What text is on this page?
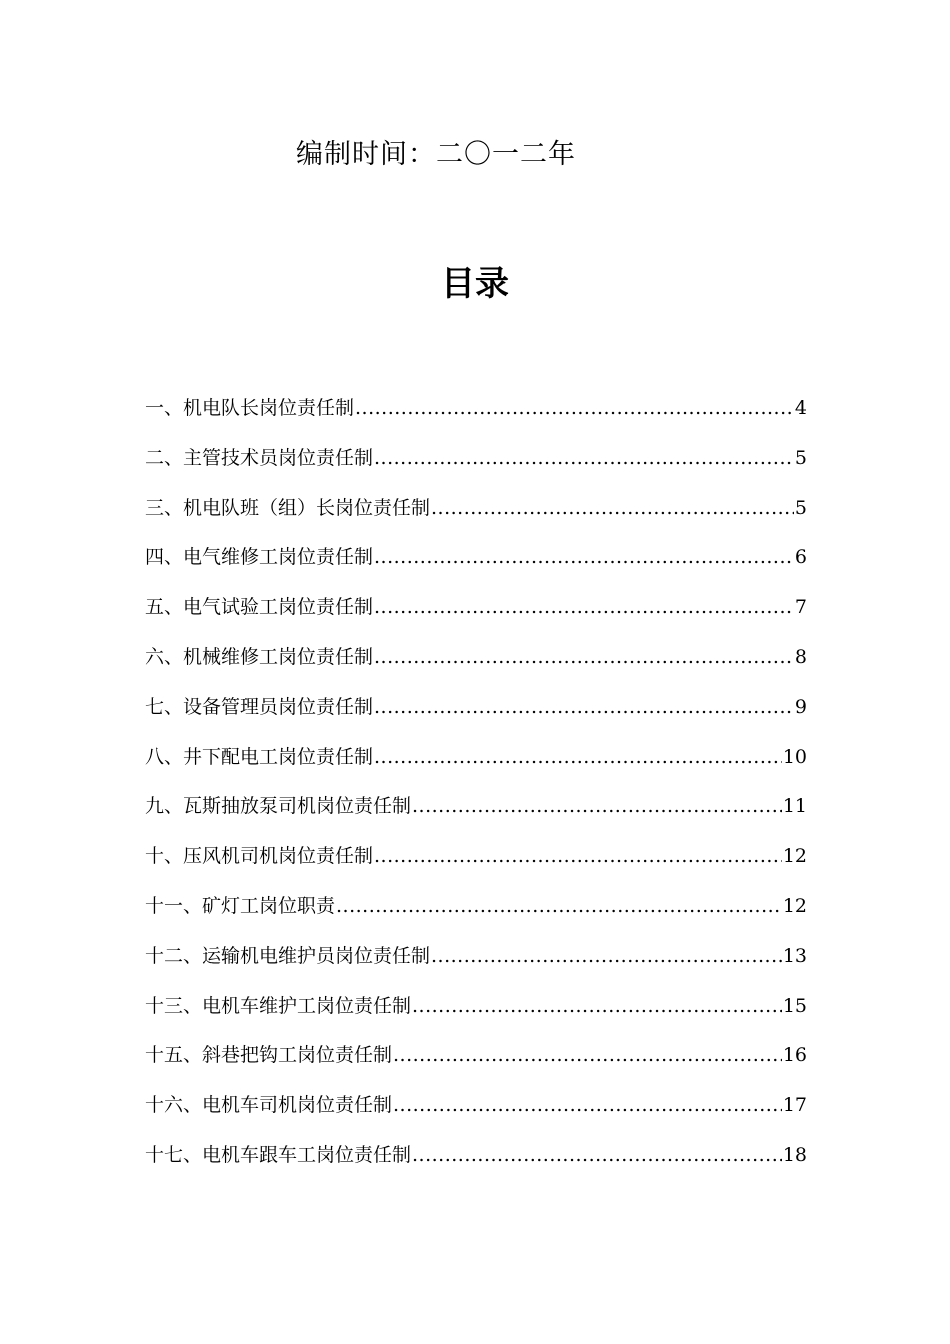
编制时间：二〇一二年
目录
一、机电队长岗位责任制 .....	4
二、主管技术员岗位责任制 .....	5
三、机电队班（组）长岗位责任制 .....	5
四、电气维修工岗位责任制 .....	6
五、电气试验工岗位责任制 .....	7
六、机械维修工岗位责任制 .....	8
七、设备管理员岗位责任制 .....	9
八、井下配电工岗位责任制 .....	10
九、瓦斯抽放泵司机岗位责任制 .....	11
十、压风机司机岗位责任制 .....	12
十一、矿灯工岗位职责 .....	12
十二、运输机电维护员岗位责任制 .....	13
十三、电机车维护工岗位责任制 .....	15
十五、斜巷把钩工岗位责任制 .....	16
十六、电机车司机岗位责任制 .....	17
十七、电机车跟车工岗位责任制 .....	18
